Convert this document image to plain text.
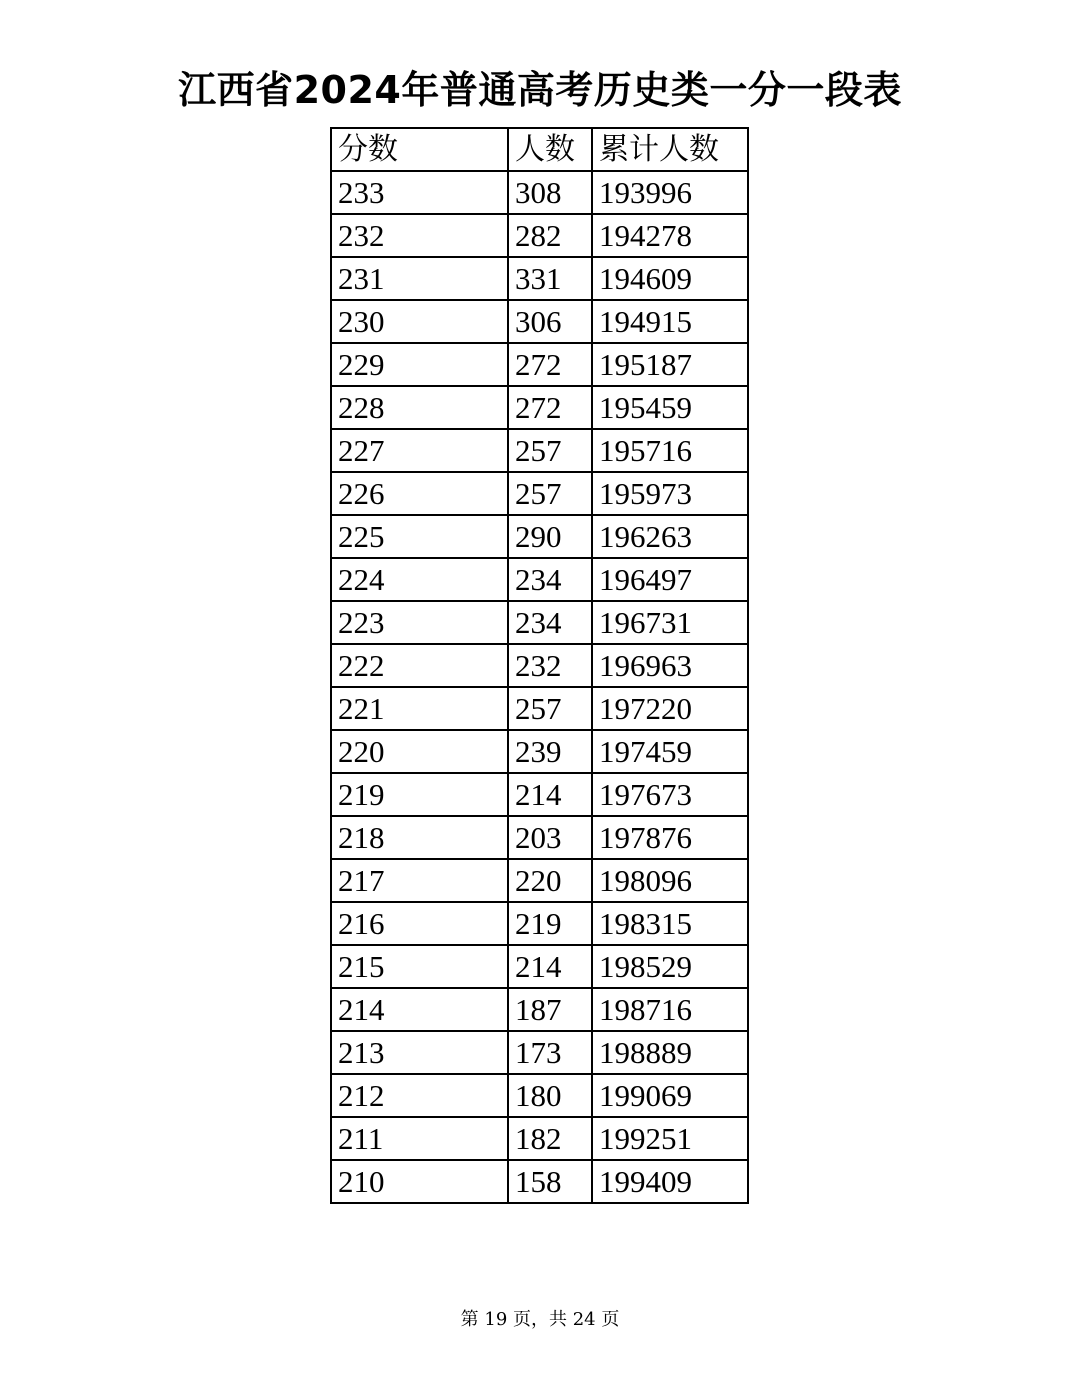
江西省2024年普通高考历史类一分一段表
分数	人数	累计人数
233	308	193996
232	282	194278
231	331	194609
230	306	194915
229	272	195187
228	272	195459
227	257	195716
226	257	195973
225	290	196263
224	234	196497
223	234	196731
222	232	196963
221	257	197220
220	239	197459
219	214	197673
218	203	197876
217	220	198096
216	219	198315
215	214	198529
214	187	198716
213	173	198889
212	180	199069
211	182	199251
210	158	199409
第 19 页，共 24 页
